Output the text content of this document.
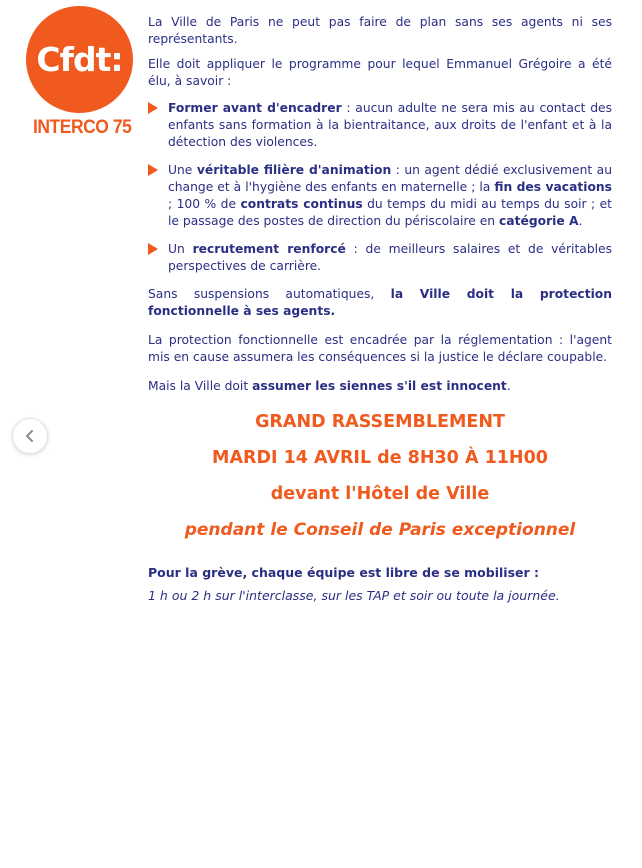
Cfdt:
INTERCO 75

La Ville de Paris ne peut pas faire de plan sans ses agents ni ses représentants.

Elle doit appliquer le programme pour lequel Emmanuel Grégoire a été élu, à savoir :

Former avant d'encadrer : aucun adulte ne sera mis au contact des enfants sans formation à la bientraitance, aux droits de l'enfant et à la détection des violences.
Une véritable filière d'animation : un agent dédié exclusivement au change et à l'hygiène des enfants en maternelle ; la fin des vacations ; 100 % de contrats continus du temps du midi au temps du soir ; et le passage des postes de direction du périscolaire en catégorie A.
Un recrutement renforcé : de meilleurs salaires et de véritables perspectives de carrière.

Sans suspensions automatiques, la Ville doit la protection fonctionnelle à ses agents.

La protection fonctionnelle est encadrée par la réglementation : l'agent mis en cause assumera les conséquences si la justice le déclare coupable.

Mais la Ville doit assumer les siennes s'il est innocent.

GRAND RASSEMBLEMENT
MARDI 14 AVRIL de 8H30 À 11H00
devant l'Hôtel de Ville
pendant le Conseil de Paris exceptionnel
Pour la grève, chaque équipe est libre de se mobiliser :
1 h ou 2 h sur l'interclasse, sur les TAP et soir ou toute la journée.
